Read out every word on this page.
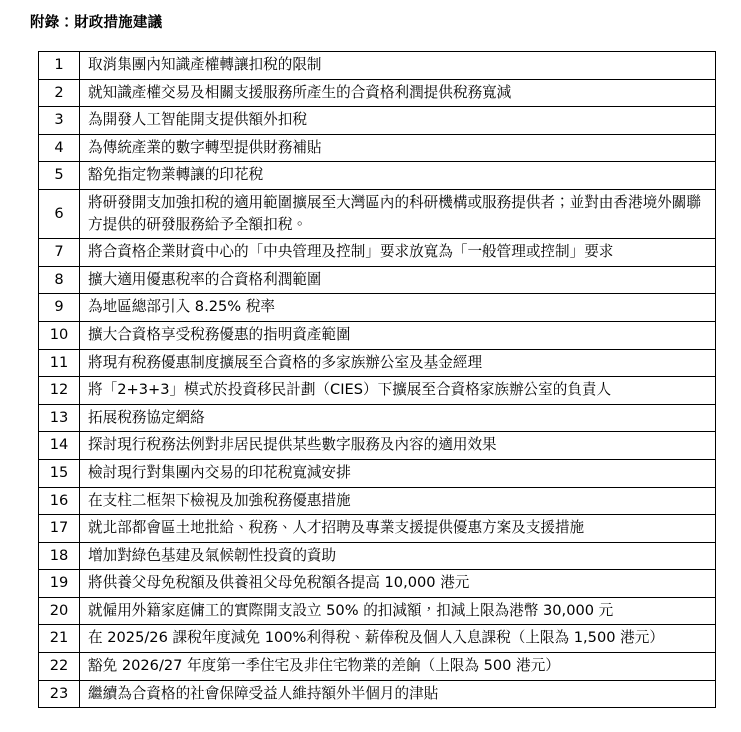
附錄：財政措施建議
1	取消集團內知識產權轉讓扣稅的限制
2	就知識產權交易及相關支援服務所產生的合資格利潤提供稅務寬減
3	為開發人工智能開支提供額外扣稅
4	為傳統產業的數字轉型提供財務補貼
5	豁免指定物業轉讓的印花稅
6	將研發開支加強扣稅的適用範圍擴展至大灣區內的科研機構或服務提供者；並對由香港境外關聯方提供的研發服務給予全額扣稅。
7	將合資格企業財資中心的「中央管理及控制」要求放寬為「一般管理或控制」要求
8	擴大適用優惠稅率的合資格利潤範圍
9	為地區總部引入 8.25% 稅率
10	擴大合資格享受稅務優惠的指明資產範圍
11	將現有稅務優惠制度擴展至合資格的多家族辦公室及基金經理
12	將「2+3+3」模式於投資移民計劃（CIES）下擴展至合資格家族辦公室的負責人
13	拓展稅務協定網絡
14	探討現行稅務法例對非居民提供某些數字服務及內容的適用效果
15	檢討現行對集團內交易的印花稅寬減安排
16	在支柱二框架下檢視及加強稅務優惠措施
17	就北部都會區土地批給、稅務、人才招聘及專業支援提供優惠方案及支援措施
18	增加對綠色基建及氣候韌性投資的資助
19	將供養父母免稅額及供養祖父母免稅額各提高 10,000 港元
20	就僱用外籍家庭傭工的實際開支設立 50% 的扣減額，扣減上限為港幣 30,000 元
21	在 2025/26 課稅年度減免 100%利得稅、薪俸稅及個人入息課稅（上限為 1,500 港元）
22	豁免 2026/27 年度第一季住宅及非住宅物業的差餉（上限為 500 港元）
23	繼續為合資格的社會保障受益人維持額外半個月的津貼
